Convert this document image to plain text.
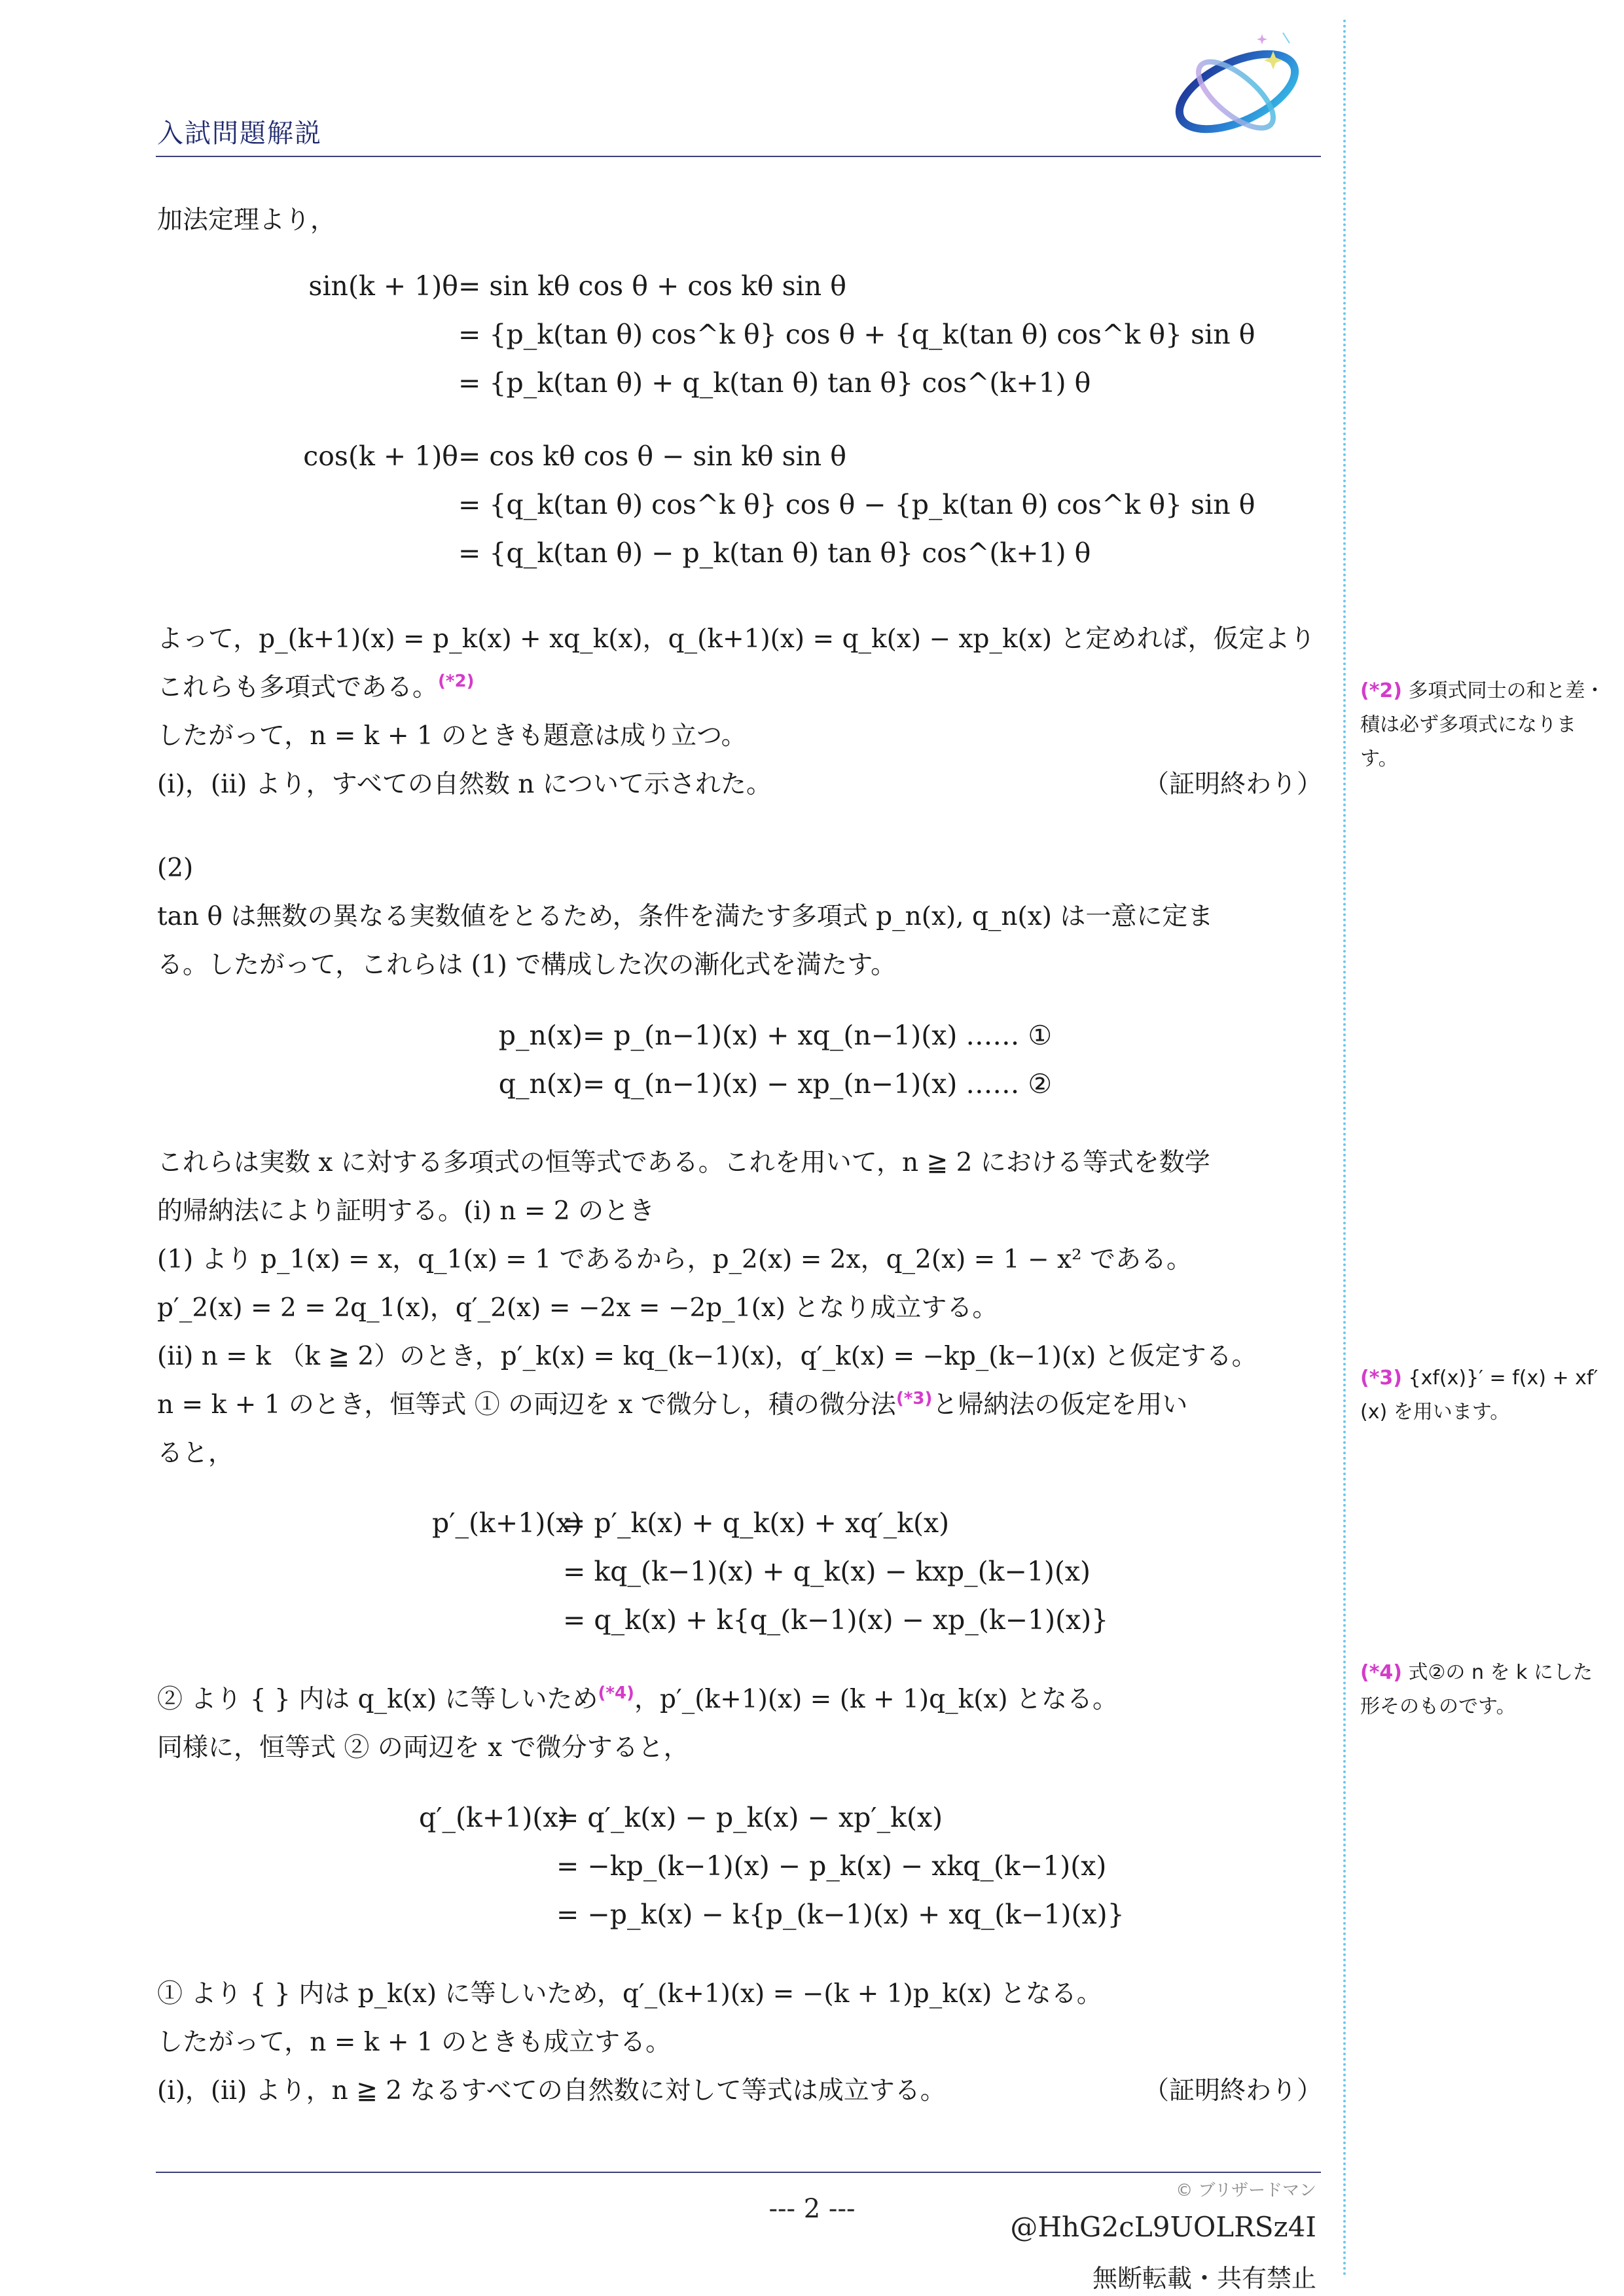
入試問題解説
加法定理より，
sin(k + 1)θ= sin kθ cos θ + cos kθ sin θ
= {p_k(tan θ) cos^k θ} cos θ + {q_k(tan θ) cos^k θ} sin θ
= {p_k(tan θ) + q_k(tan θ) tan θ} cos^(k+1) θ
cos(k + 1)θ= cos kθ cos θ − sin kθ sin θ
= {q_k(tan θ) cos^k θ} cos θ − {p_k(tan θ) cos^k θ} sin θ
= {q_k(tan θ) − p_k(tan θ) tan θ} cos^(k+1) θ
よって，p_(k+1)(x) = p_k(x) + xq_k(x)，q_(k+1)(x) = q_k(x) − xp_k(x) と定めれば，仮定より
これらも多項式である。$^{(*2)}$
したがって，n = k + 1 のときも題意は成り立つ。
(i)，(ii) より，すべての自然数 n について示された。	（証明終わり）
(2)
tan θ は無数の異なる実数値をとるため，条件を満たす多項式 p_n(x), q_n(x) は一意に定ま
る。したがって，これらは (1) で構成した次の漸化式を満たす。
p_n(x)= p_(n−1)(x) + xq_(n−1)(x) …… ①
q_n(x)= q_(n−1)(x) − xp_(n−1)(x) …… ②
これらは実数 x に対する多項式の恒等式である。これを用いて，n ≧ 2 における等式を数学
的帰納法により証明する。(i) n = 2 のとき
(1) より p_1(x) = x，q_1(x) = 1 であるから，p_2(x) = 2x，q_2(x) = 1 − x² である。
p′_2(x) = 2 = 2q_1(x)，q′_2(x) = −2x = −2p_1(x) となり成立する。
(ii) n = k （k ≧ 2）のとき，p′_k(x) = kq_(k−1)(x)，q′_k(x) = −kp_(k−1)(x) と仮定する。
n = k + 1 のとき，恒等式 ① の両辺を x で微分し，積の微分法$^{(*3)}$と帰納法の仮定を用い
ると，
p′_(k+1)(x)= p′_k(x) + q_k(x) + xq′_k(x)
= kq_(k−1)(x) + q_k(x) − kxp_(k−1)(x)
= q_k(x) + k{q_(k−1)(x) − xp_(k−1)(x)}
② より { } 内は q_k(x) に等しいため$^{(*4)}$，p′_(k+1)(x) = (k + 1)q_k(x) となる。
同様に，恒等式 ② の両辺を x で微分すると，
q′_(k+1)(x)= q′_k(x) − p_k(x) − xp′_k(x)
= −kp_(k−1)(x) − p_k(x) − xkq_(k−1)(x)
= −p_k(x) − k{p_(k−1)(x) + xq_(k−1)(x)}
① より { } 内は p_k(x) に等しいため，q′_(k+1)(x) = −(k + 1)p_k(x) となる。
したがって，n = k + 1 のときも成立する。
(i)，(ii) より，n ≧ 2 なるすべての自然数に対して等式は成立する。	（証明終わり）
(*2) 多項式同士の和と差・積は必ず多項式になります。
(*3) {xf(x)}′ = f(x) + xf′(x) を用います。
(*4) 式②の n を k にした形そのものです。
© ブリザードマン
--- 2 ---
@HhG2cL9UOLRSz4I
無断転載・共有禁止
